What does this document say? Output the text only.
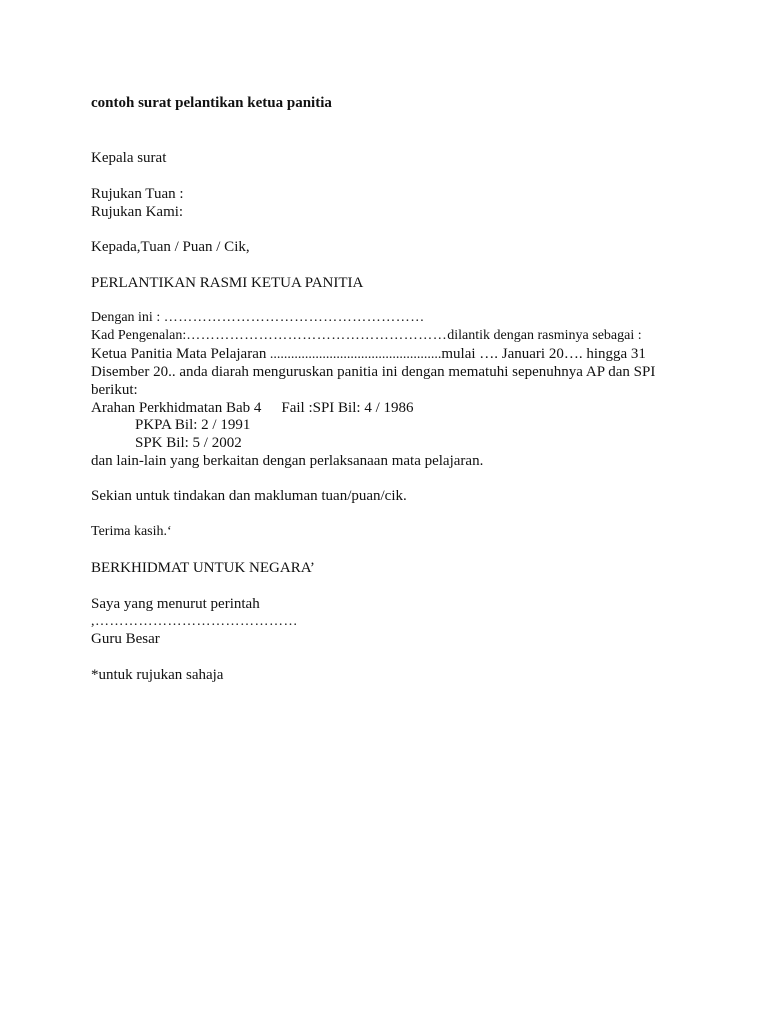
contoh surat pelantikan ketua panitia
Kepala surat
Rujukan Tuan :
Rujukan Kami:
Kepada,Tuan / Puan / Cik,
PERLANTIKAN RASMI KETUA PANITIA
Dengan ini : ………………………………………………
Kad Pengenalan:………………………………………………dilantik dengan rasminya sebagai :
Ketua Panitia Mata Pelajaran .................................................mulai …. Januari 20…. hingga 31
Disember 20.. anda diarah menguruskan panitia ini dengan mematuhi sepenuhnya AP dan SPI
berikut:
Arahan Perkhidmatan Bab 4 Fail :SPI Bil: 4 / 1986
PKPA Bil: 2 / 1991
SPK Bil: 5 / 2002
dan lain-lain yang berkaitan dengan perlaksanaan mata pelajaran.
Sekian untuk tindakan dan makluman tuan/puan/cik.
Terima kasih.‘
BERKHIDMAT UNTUK NEGARA’
Saya yang menurut perintah
,……………………………………
Guru Besar
*untuk rujukan sahaja
